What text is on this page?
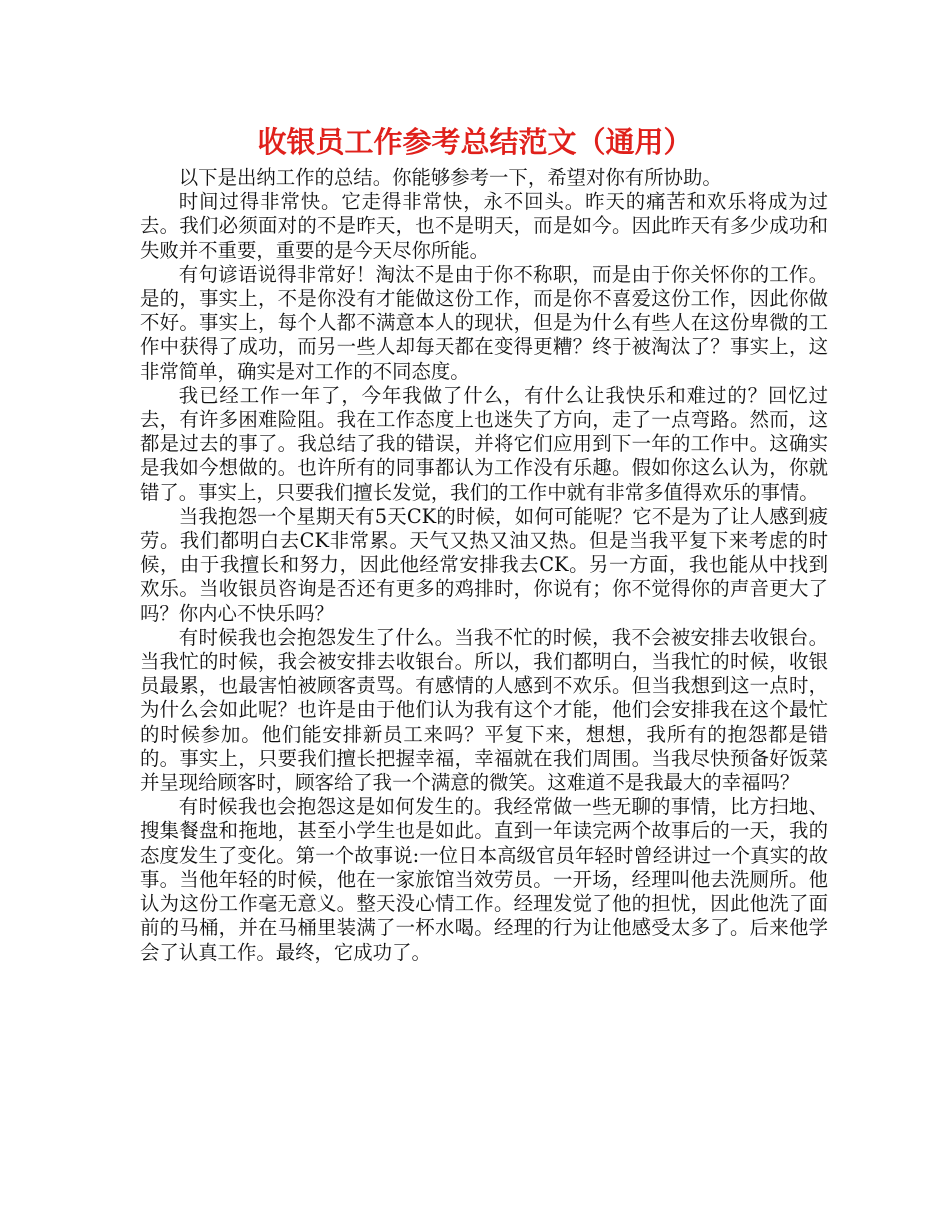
收银员工作参考总结范文（通用）

以下是出纳工作的总结。你能够参考一下，希望对你有所协助。

时间过得非常快。它走得非常快，永不回头。昨天的痛苦和欢乐将成为过去。我们必须面对的不是昨天，也不是明天，而是如今。因此昨天有多少成功和失败并不重要，重要的是今天尽你所能。

有句谚语说得非常好！淘汰不是由于你不称职，而是由于你关怀你的工作。是的，事实上，不是你没有才能做这份工作，而是你不喜爱这份工作，因此你做不好。事实上，每个人都不满意本人的现状，但是为什么有些人在这份卑微的工作中获得了成功，而另一些人却每天都在变得更糟？终于被淘汰了？事实上，这非常简单，确实是对工作的不同态度。

我已经工作一年了，今年我做了什么，有什么让我快乐和难过的？回忆过去，有许多困难险阻。我在工作态度上也迷失了方向，走了一点弯路。然而，这都是过去的事了。我总结了我的错误，并将它们应用到下一年的工作中。这确实是我如今想做的。也许所有的同事都认为工作没有乐趣。假如你这么认为，你就错了。事实上，只要我们擅长发觉，我们的工作中就有非常多值得欢乐的事情。

当我抱怨一个星期天有5天CK的时候，如何可能呢？它不是为了让人感到疲劳。我们都明白去CK非常累。天气又热又油又热。但是当我平复下来考虑的时候，由于我擅长和努力，因此他经常安排我去CK。另一方面，我也能从中找到欢乐。当收银员咨询是否还有更多的鸡排时，你说有；你不觉得你的声音更大了吗？你内心不快乐吗？

有时候我也会抱怨发生了什么。当我不忙的时候，我不会被安排去收银台。当我忙的时候，我会被安排去收银台。所以，我们都明白，当我忙的时候，收银员最累，也最害怕被顾客责骂。有感情的人感到不欢乐。但当我想到这一点时，为什么会如此呢？也许是由于他们认为我有这个才能，他们会安排我在这个最忙的时候参加。他们能安排新员工来吗？平复下来，想想，我所有的抱怨都是错的。事实上，只要我们擅长把握幸福，幸福就在我们周围。当我尽快预备好饭菜并呈现给顾客时，顾客给了我一个满意的微笑。这难道不是我最大的幸福吗？

有时候我也会抱怨这是如何发生的。我经常做一些无聊的事情，比方扫地、搜集餐盘和拖地，甚至小学生也是如此。直到一年读完两个故事后的一天，我的态度发生了变化。第一个故事说:一位日本高级官员年轻时曾经讲过一个真实的故事。当他年轻的时候，他在一家旅馆当效劳员。一开场，经理叫他去洗厕所。他认为这份工作毫无意义。整天没心情工作。经理发觉了他的担忧，因此他洗了面前的马桶，并在马桶里装满了一杯水喝。经理的行为让他感受太多了。后来他学会了认真工作。最终，它成功了。
